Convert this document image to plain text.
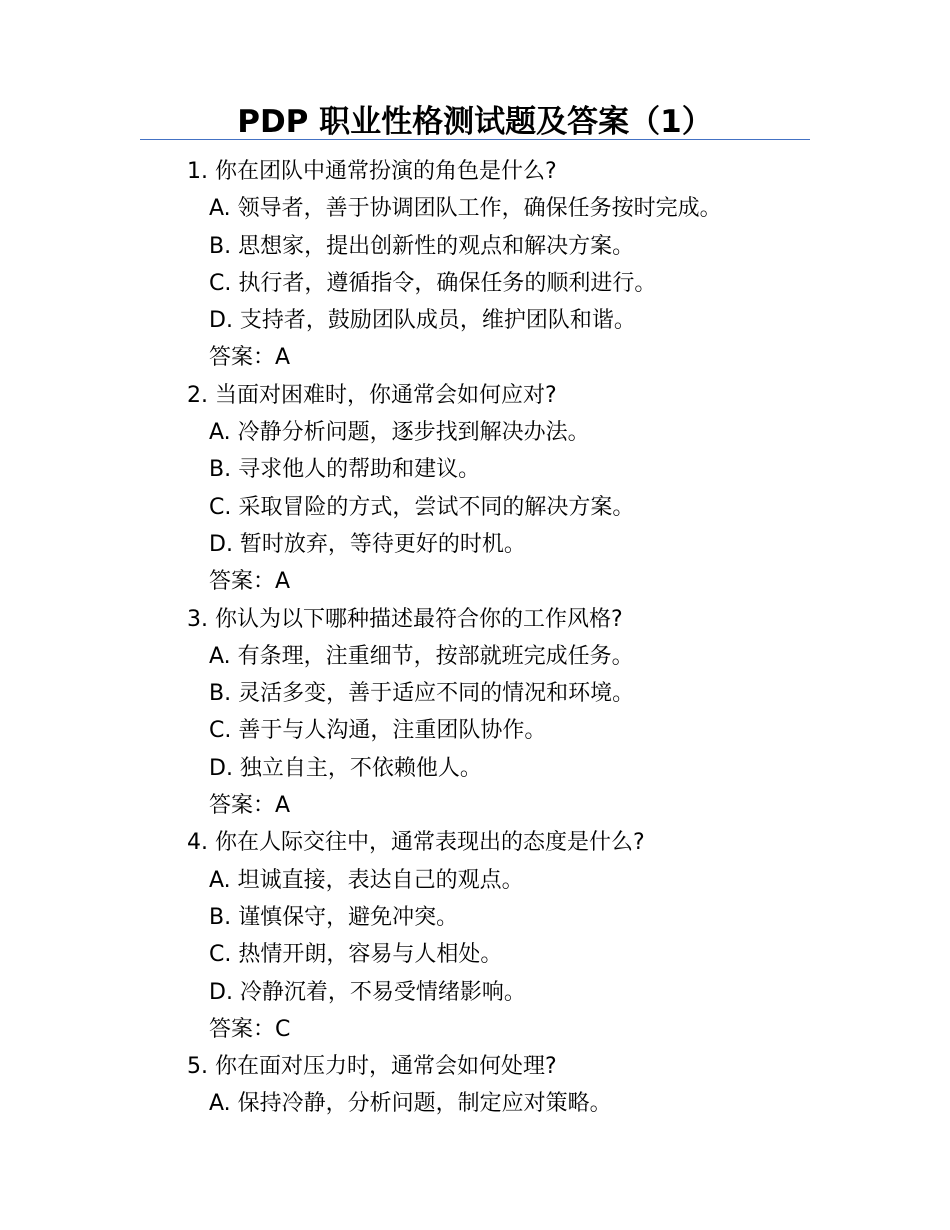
PDP 职业性格测试题及答案（1）
1. 你在团队中通常扮演的角色是什么?
A. 领导者，善于协调团队工作，确保任务按时完成。
B. 思想家，提出创新性的观点和解决方案。
C. 执行者，遵循指令，确保任务的顺利进行。
D. 支持者，鼓励团队成员，维护团队和谐。
答案：A
2. 当面对困难时，你通常会如何应对?
A. 冷静分析问题，逐步找到解决办法。
B. 寻求他人的帮助和建议。
C. 采取冒险的方式，尝试不同的解决方案。
D. 暂时放弃，等待更好的时机。
答案：A
3. 你认为以下哪种描述最符合你的工作风格?
A. 有条理，注重细节，按部就班完成任务。
B. 灵活多变，善于适应不同的情况和环境。
C. 善于与人沟通，注重团队协作。
D. 独立自主，不依赖他人。
答案：A
4. 你在人际交往中，通常表现出的态度是什么?
A. 坦诚直接，表达自己的观点。
B. 谨慎保守，避免冲突。
C. 热情开朗，容易与人相处。
D. 冷静沉着，不易受情绪影响。
答案：C
5. 你在面对压力时，通常会如何处理?
A. 保持冷静，分析问题，制定应对策略。
